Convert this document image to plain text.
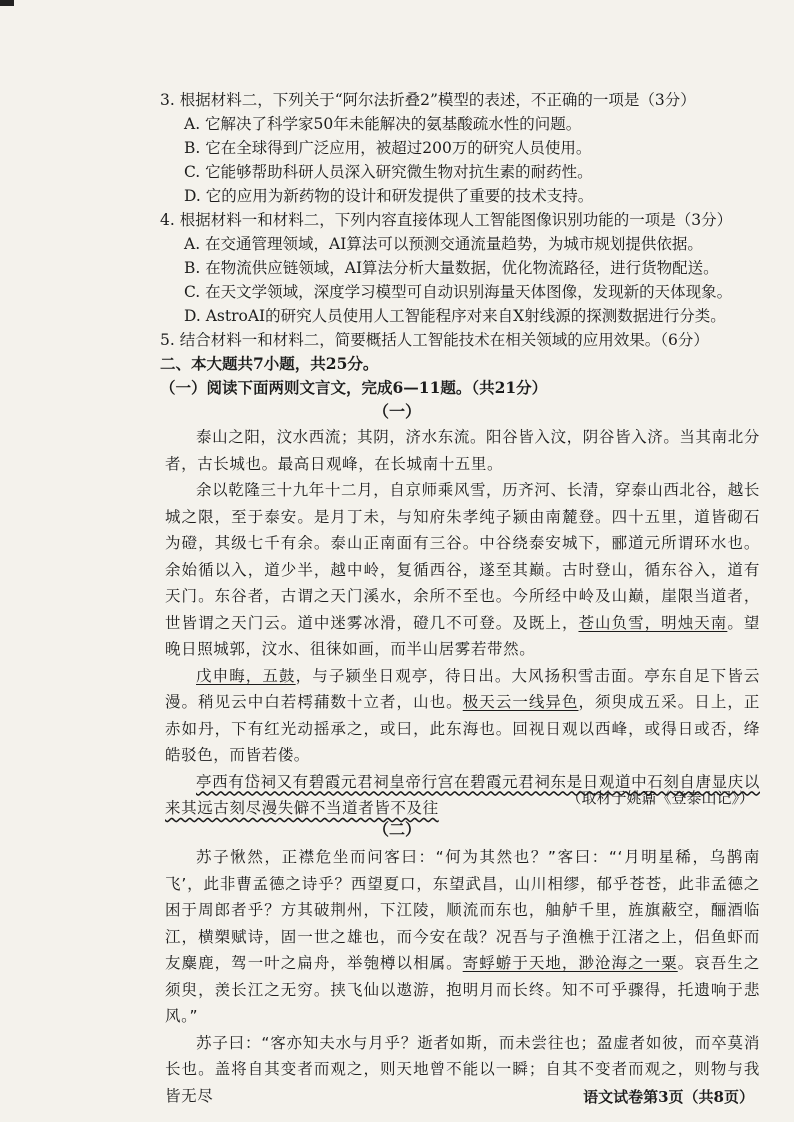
3. 根据材料二，下列关于“阿尔法折叠2”模型的表述，不正确的一项是（3分）
A. 它解决了科学家50年未能解决的氨基酸疏水性的问题。
B. 它在全球得到广泛应用，被超过200万的研究人员使用。
C. 它能够帮助科研人员深入研究微生物对抗生素的耐药性。
D. 它的应用为新药物的设计和研发提供了重要的技术支持。
4. 根据材料一和材料二，下列内容直接体现人工智能图像识别功能的一项是（3分）
A. 在交通管理领域，AI算法可以预测交通流量趋势，为城市规划提供依据。
B. 在物流供应链领域，AI算法分析大量数据，优化物流路径，进行货物配送。
C. 在天文学领域，深度学习模型可自动识别海量天体图像，发现新的天体现象。
D. AstroAI的研究人员使用人工智能程序对来自X射线源的探测数据进行分类。
5. 结合材料一和材料二，简要概括人工智能技术在相关领域的应用效果。（6分）
二、本大题共7小题，共25分。
（一）阅读下面两则文言文，完成6—11题。（共21分）
（一）

泰山之阳，汶水西流；其阴，济水东流。阳谷皆入汶，阴谷皆入济。当其南北分者，古长城也。最高日观峰，在长城南十五里。

余以乾隆三十九年十二月，自京师乘风雪，历齐河、长清，穿泰山西北谷，越长城之限，至于泰安。是月丁未，与知府朱孝纯子颍由南麓登。四十五里，道皆砌石为磴，其级七千有余。泰山正南面有三谷。中谷绕泰安城下，郦道元所谓环水也。余始循以入，道少半，越中岭，复循西谷，遂至其巅。古时登山，循东谷入，道有天门。东谷者，古谓之天门溪水，余所不至也。今所经中岭及山巅，崖限当道者，世皆谓之天门云。道中迷雾冰滑，磴几不可登。及既上，苍山负雪，明烛天南。望晚日照城郭，汶水、徂徕如画，而半山居雾若带然。

戊申晦，五鼓，与子颍坐日观亭，待日出。大风扬积雪击面。亭东自足下皆云漫。稍见云中白若樗蒱数十立者，山也。极天云一线异色，须臾成五采。日上，正赤如丹，下有红光动摇承之，或曰，此东海也。回视日观以西峰，或得日或否，绛皓驳色，而皆若偻。

亭西有岱祠又有碧霞元君祠皇帝行宫在碧霞元君祠东是日观道中石刻自唐显庆以来其远古刻尽漫失僻不当道者皆不及往

（取材于姚鼐《登泰山记》）
（二）

苏子愀然，正襟危坐而问客曰：“何为其然也？”客曰：“‘月明星稀，乌鹊南飞’，此非曹孟德之诗乎？西望夏口，东望武昌，山川相缪，郁乎苍苍，此非孟德之困于周郎者乎？方其破荆州，下江陵，顺流而东也，舳舻千里，旌旗蔽空，酾酒临江，横槊赋诗，固一世之雄也，而今安在哉？况吾与子渔樵于江渚之上，侣鱼虾而友麋鹿，驾一叶之扁舟，举匏樽以相属。寄蜉蝣于天地，渺沧海之一粟。哀吾生之须臾，羡长江之无穷。挟飞仙以遨游，抱明月而长终。知不可乎骤得，托遗响于悲风。”

苏子曰：“客亦知夫水与月乎？逝者如斯，而未尝往也；盈虚者如彼，而卒莫消长也。盖将自其变者而观之，则天地曾不能以一瞬；自其不变者而观之，则物与我皆无尽	语文试卷第3页（共8页）
